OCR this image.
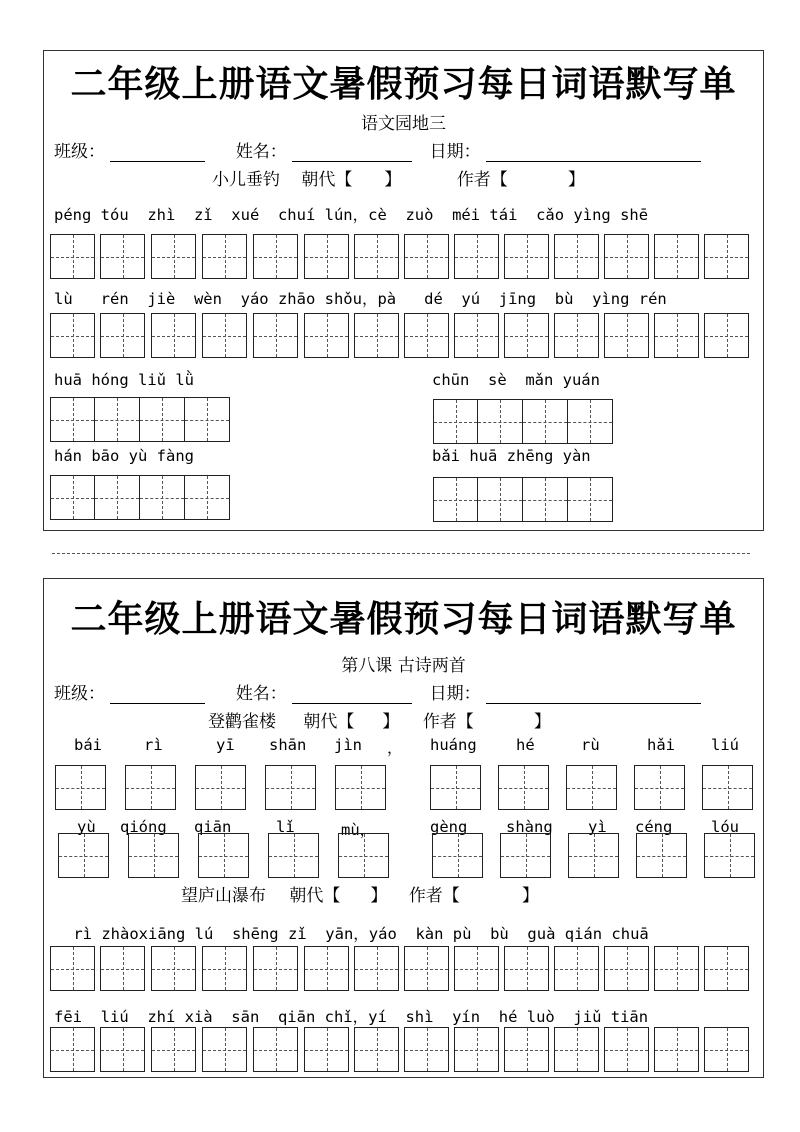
二年级上册语文暑假预习每日词语默写单
语文园地三
班级：	姓名：	日期：
小儿垂钓 朝代【 】	作者【	】
péng tóu  zhì  zǐ  xué  chuí lún，cè  zuò  méi tái  cǎo yìng shē
lù   rén  jiè  wèn  yáo zhāo shǒu，pà   dé  yú  jīng  bù  yìng rén
huā hóng liǔ lǜ	chūn  sè  mǎn yuán
hán bāo yù fàng	bǎi huā zhēng yàn
二年级上册语文暑假预习每日词语默写单
第八课 古诗两首
班级：	姓名：	日期：
登鹳雀楼 朝代【 】 作者【	】
bái	rì	yī shān jìn ， huáng	hé	rù	hǎi liú
yù qióng qiān	lǐ	mù，	gèng shàng yì céng lóu
望庐山瀑布 朝代【 】 作者【	】
rì zhàoxiāng lú  shēng zǐ  yān，yáo  kàn pù  bù  guà qián chuā
fēi  liú  zhí xià  sān  qiān chǐ，yí  shì  yín  hé luò  jiǔ tiān
